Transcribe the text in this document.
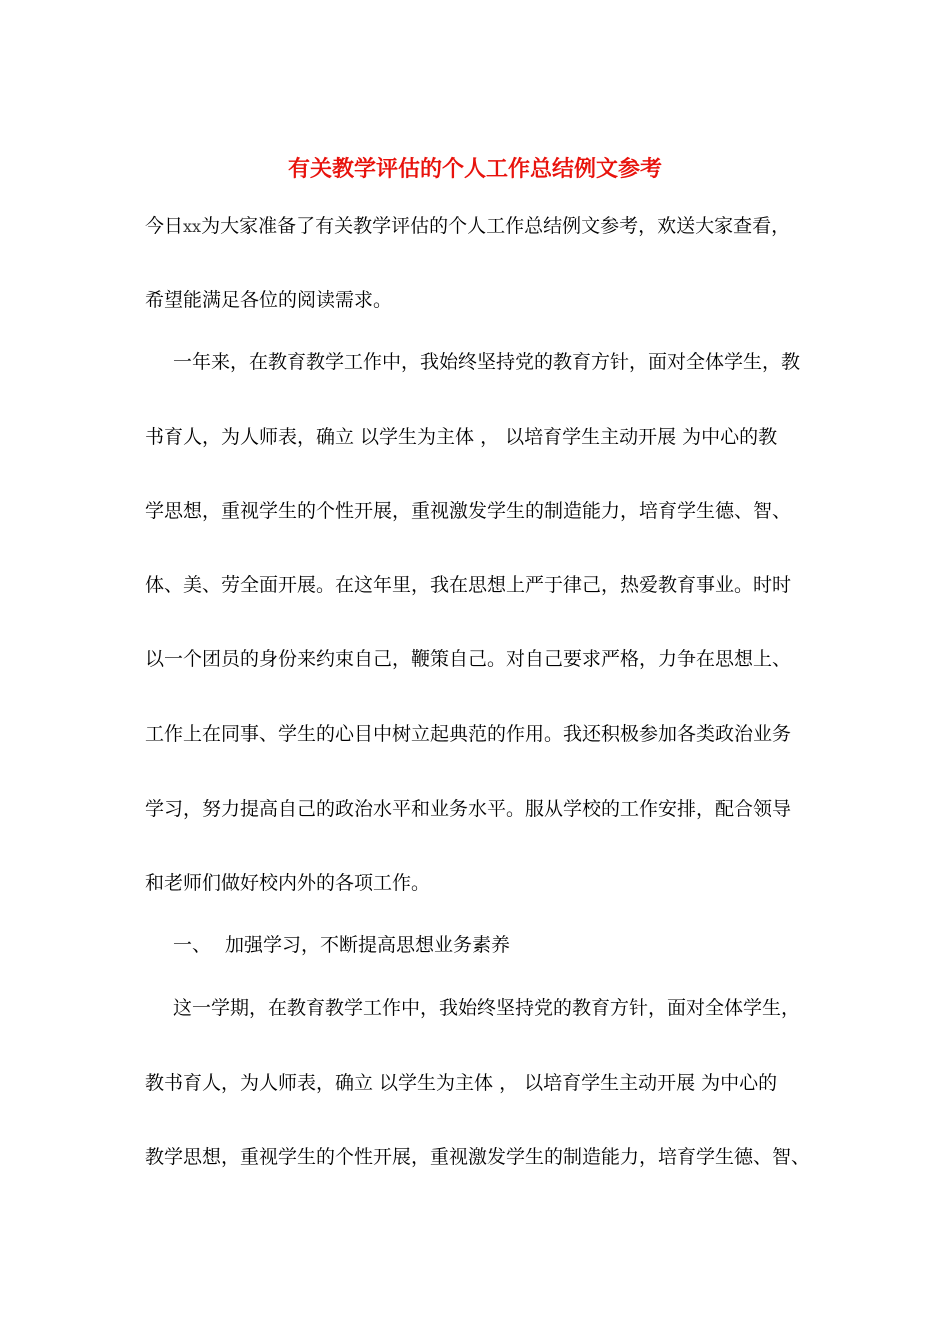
有关教学评估的个人工作总结例文参考

今日xx为大家准备了有关教学评估的个人工作总结例文参考，欢送大家查看，

希望能满足各位的阅读需求。

一年来，在教育教学工作中，我始终坚持党的教育方针，面对全体学生，教

书育人，为人师表，确立 以学生为主体 ， 以培育学生主动开展 为中心的教

学思想，重视学生的个性开展，重视激发学生的制造能力，培育学生德、智、

体、美、劳全面开展。在这年里，我在思想上严于律己，热爱教育事业。时时

以一个团员的身份来约束自己，鞭策自己。对自己要求严格，力争在思想上、

工作上在同事、学生的心目中树立起典范的作用。我还积极参加各类政治业务

学习，努力提高自己的政治水平和业务水平。服从学校的工作安排，配合领导

和老师们做好校内外的各项工作。

一、 加强学习，不断提高思想业务素养

这一学期，在教育教学工作中，我始终坚持党的教育方针，面对全体学生，

教书育人，为人师表，确立 以学生为主体 ， 以培育学生主动开展 为中心的

教学思想，重视学生的个性开展，重视激发学生的制造能力，培育学生德、智、
